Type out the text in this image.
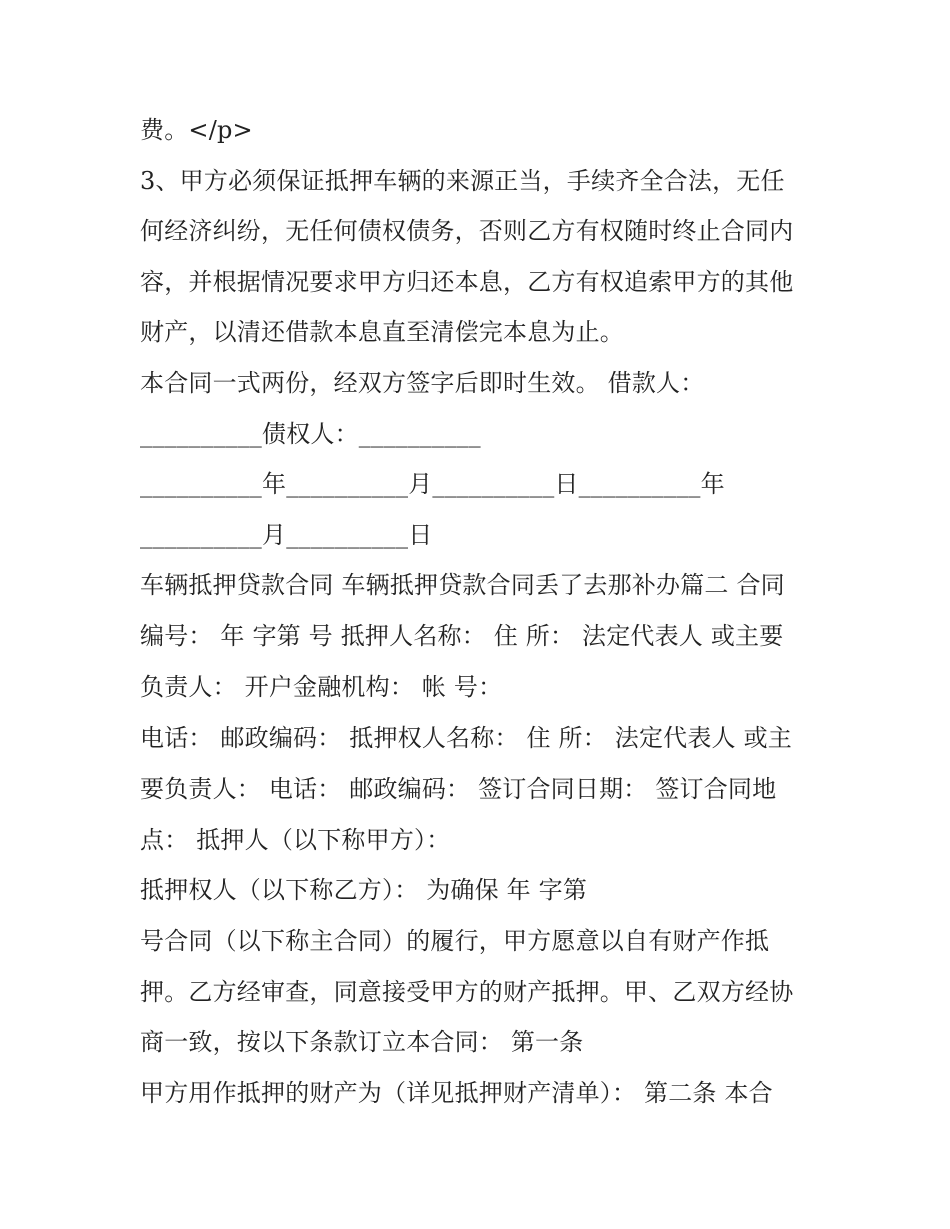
费。</p>
3、甲方必须保证抵押车辆的来源正当，手续齐全合法，无任
何经济纠纷，无任何债权债务，否则乙方有权随时终止合同内
容，并根据情况要求甲方归还本息，乙方有权追索甲方的其他
财产，以清还借款本息直至清偿完本息为止。
本合同一式两份，经双方签字后即时生效。 借款人：
__________债权人：__________
__________年__________月__________日__________年
__________月__________日
车辆抵押贷款合同 车辆抵押贷款合同丢了去那补办篇二 合同
编号： 年 字第 号 抵押人名称： 住 所： 法定代表人 或主要
负责人： 开户金融机构： 帐 号：
电话： 邮政编码： 抵押权人名称： 住 所： 法定代表人 或主
要负责人： 电话： 邮政编码： 签订合同日期： 签订合同地
点： 抵押人（以下称甲方）：
抵押权人（以下称乙方）： 为确保 年 字第
号合同（以下称主合同）的履行，甲方愿意以自有财产作抵
押。乙方经审查，同意接受甲方的财产抵押。甲、乙双方经协
商一致，按以下条款订立本合同： 第一条
甲方用作抵押的财产为（详见抵押财产清单）： 第二条 本合
